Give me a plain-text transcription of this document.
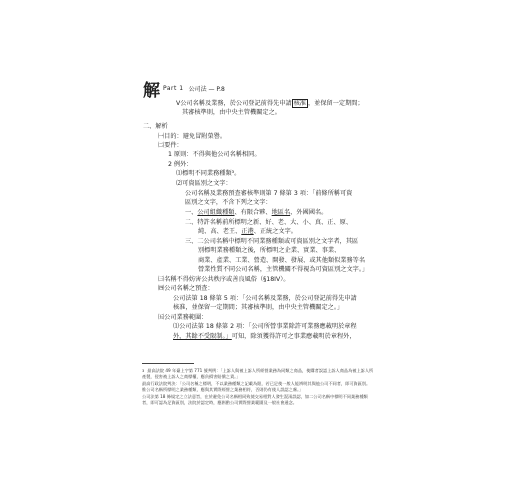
解 Part 1 公司法 — P.8
V公司名稱及業務，於公司登記前得先申請 核准 ，並保留一定期間；
其審核準則，由中央主管機關定之。
二、解析
㈠目的：避免冒附榮譽。
㈡要件：
1 原則：不得與他公司名稱相同。
2 例外：
⑴標明不同業務種類³。
⑵可資區別之文字：
公司名稱及業務預查審核準則第 7 條第 3 項：「前條所稱可資
區別之文字，不含下列之文字：
一、公司組織種類、有限合夥、地區名、外國國名。
二、特許名稱前所標明之新、好、老、大、小、真、正、原、
純、高、老王、正港、正統之文字。
三、二公司名稱中標明不同業務種類或可資區別之文字者，其區
別標明業務種類之後，所標明之企業、實業、事業、
商業、產業、工業、營造、開發、發展、或其他類似業務等名
營業性質不同公司名稱，主管機關不得視為可資區別之文字。」
㈢名稱不得妨害公共秩序或善良風俗（§18IV）。
㈣公司名稱之預查：
公司法第 18 條第 5 項：「公司名稱及業務，於公司登記前得先申請
核准，並保留一定期間；其審核準則，由中央主管機關定之。」
㈤公司業務範圍：
⑴公司法第 18 條第 2 項：「公司所營事業除許可業務應載明於章程
外，其餘不受限制。」可知，除須獲得許可之事業應載明於章程外，

3 最高法院 49 年臺上字第 771 號判例：「上訴人與被上訴人所經營業務為同類之商品，使購者誤認上訴人商品為被上訴人所產製，侵害被上訴人之商標權，應負損害賠償之責。」

最高行政法院判決：「公司名稱之標明，不以業務種類之記載為限，若已足使一般人能辨明其與他公司不同者，即可資區別。惟公司名稱所標明之業務種類，應與其實際經營之業務相符，否則仍有使人誤認之虞。」

公司法第 18 條規定之立法意旨，在於避免公司名稱相同致使交易相對人發生混淆誤認，如二公司名稱中標明不同業務種類者，即可認為足資區別，法院於認定時，應斟酌公司實際營業範圍及一般社會通念。
